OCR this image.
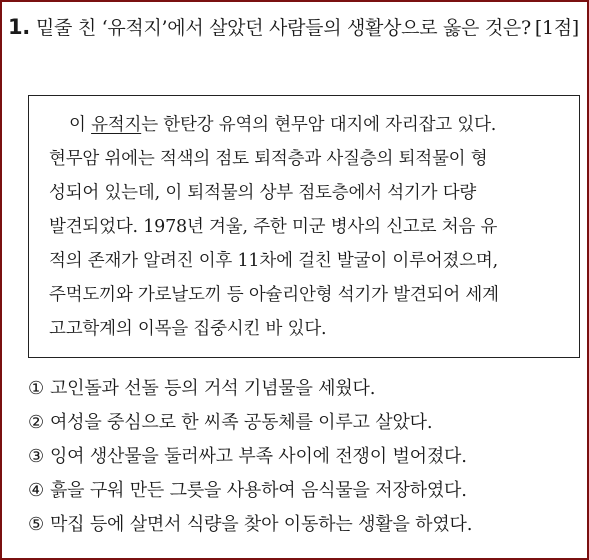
1. 밑줄 친 ‘유적지’에서 살았던 사람들의 생활상으로 옳은 것은? [1점]
이 유적지는 한탄강 유역의 현무암 대지에 자리잡고 있다.
현무암 위에는 적색의 점토 퇴적층과 사질층의 퇴적물이 형
성되어 있는데, 이 퇴적물의 상부 점토층에서 석기가 다량
발견되었다. 1978년 겨울, 주한 미군 병사의 신고로 처음 유
적의 존재가 알려진 이후 11차에 걸친 발굴이 이루어졌으며,
주먹도끼와 가로날도끼 등 아슐리안형 석기가 발견되어 세계
고고학계의 이목을 집중시킨 바 있다.
① 고인돌과 선돌 등의 거석 기념물을 세웠다.
② 여성을 중심으로 한 씨족 공동체를 이루고 살았다.
③ 잉여 생산물을 둘러싸고 부족 사이에 전쟁이 벌어졌다.
④ 흙을 구워 만든 그릇을 사용하여 음식물을 저장하였다.
⑤ 막집 등에 살면서 식량을 찾아 이동하는 생활을 하였다.
